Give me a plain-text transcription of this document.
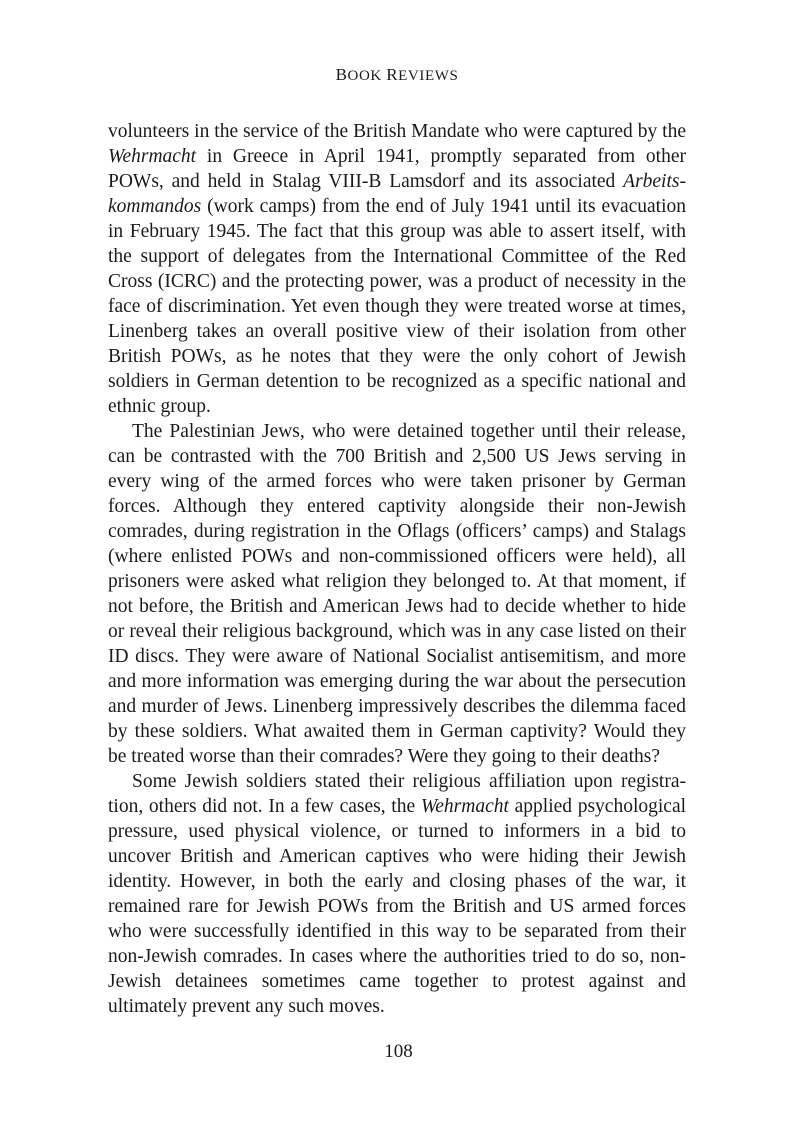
BOOK REVIEWS

volunteers in the service of the British Mandate who were captured by the Wehrmacht in Greece in April 1941, promptly separated from other POWs, and held in Stalag VIII-B Lamsdorf and its associated Arbeitskommandos (work camps) from the end of July 1941 until its evacuation in February 1945. The fact that this group was able to assert itself, with the support of delegates from the International Committee of the Red Cross (ICRC) and the protecting power, was a product of necessity in the face of discrimination. Yet even though they were treated worse at times, Linenberg takes an overall positive view of their isolation from other British POWs, as he notes that they were the only cohort of Jewish soldiers in German detention to be recognized as a specific national and ethnic group.

The Palestinian Jews, who were detained together until their release, can be contrasted with the 700 British and 2,500 US Jews serving in every wing of the armed forces who were taken prisoner by German forces. Although they entered captivity alongside their non-Jewish comrades, during registration in the Oflags (officers’ camps) and Stalags (where enlisted POWs and non-commissioned officers were held), all prisoners were asked what religion they belonged to. At that moment, if not before, the British and American Jews had to decide whether to hide or reveal their religious background, which was in any case listed on their ID discs. They were aware of National Socialist antisemitism, and more and more information was emerging during the war about the persecution and murder of Jews. Linenberg impressively describes the dilemma faced by these soldiers. What awaited them in German captivity? Would they be treated worse than their comrades? Were they going to their deaths?

Some Jewish soldiers stated their religious affiliation upon registration, others did not. In a few cases, the Wehrmacht applied psychological pressure, used physical violence, or turned to informers in a bid to uncover British and American captives who were hiding their Jewish identity. However, in both the early and closing phases of the war, it remained rare for Jewish POWs from the British and US armed forces who were successfully identified in this way to be separated from their non-Jewish comrades. In cases where the authorities tried to do so, non-Jewish detainees sometimes came together to protest against and ultimately prevent any such moves.

108
